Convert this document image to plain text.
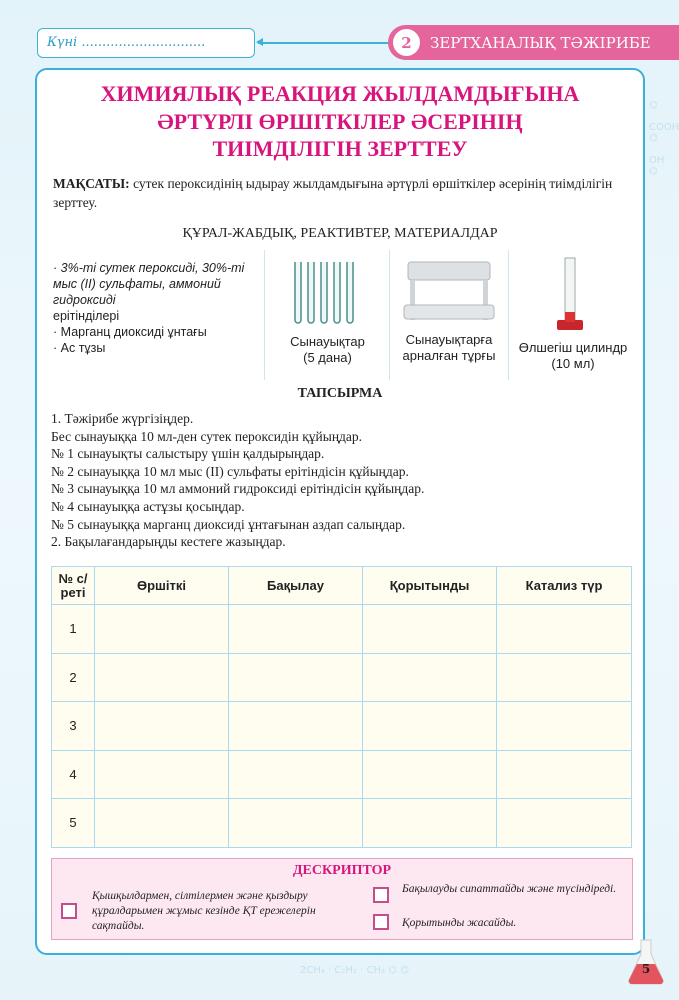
⌬

COOH
⌬

OH
⌬
2CH₄ · C₂H₂ · CH₃ ⌬ ⌬
Күні ..............................	2	ЗЕРТХАНАЛЫҚ ТӘЖІРИБЕ
ХИМИЯЛЫҚ РЕАКЦИЯ ЖЫЛДАМДЫҒЫНА
ӘРТҮРЛІ ӨРШІТКІЛЕР ӘСЕРІНІҢ
ТИІМДІЛІГІН ЗЕРТТЕУ
МАҚСАТЫ: сутек пероксидінің ыдырау жылдамдығына әртүрлі өршіткілер әсерінің тиімділігін зерттеу.
ҚҰРАЛ-ЖАБДЫҚ, РЕАКТИВТЕР, МАТЕРИАЛДАР
· 3%-ті сутек пероксиді, 30%-ті мыс (ІІ) сульфаты, аммоний гидроксиді
ерітінділері
· Марганц диоксиді ұнтағы
· Ас тұзы	Сынауықтар
(5 дана)
Сынауықтарға арналған тұрғы
Өлшегіш цилиндр
(10 мл)
ТАПСЫРМА
1. Тәжірибе жүргізіңдер.
Бес сынауыққа 10 мл-ден сутек пероксидін құйыңдар.
№ 1 сынауықты салыстыру үшін қалдырыңдар.
№ 2 сынауыққа 10 мл мыс (ІІ) сульфаты ерітіндісін құйыңдар.
№ 3 сынауыққа 10 мл аммоний гидроксиді ерітіндісін құйыңдар.
№ 4 сынауыққа астұзы қосыңдар.
№ 5 сынауыққа марганц диоксиді ұнтағынан аздап салыңдар.
2. Бақылағандарыңды кестеге жазыңдар.
№ с/реті	Өршіткі	Бақылау	Қорытынды	Катализ түр
1				
2				
3				
4				
5				
ДЕСКРИПТОР
Қышқылдармен, сілтілермен және қыздыру құралдарымен жұмыс кезінде ҚТ ережелерін сақтайды.
Бақылауды сипаттайды және түсіндіреді.
Қорытынды жасайды.
5
